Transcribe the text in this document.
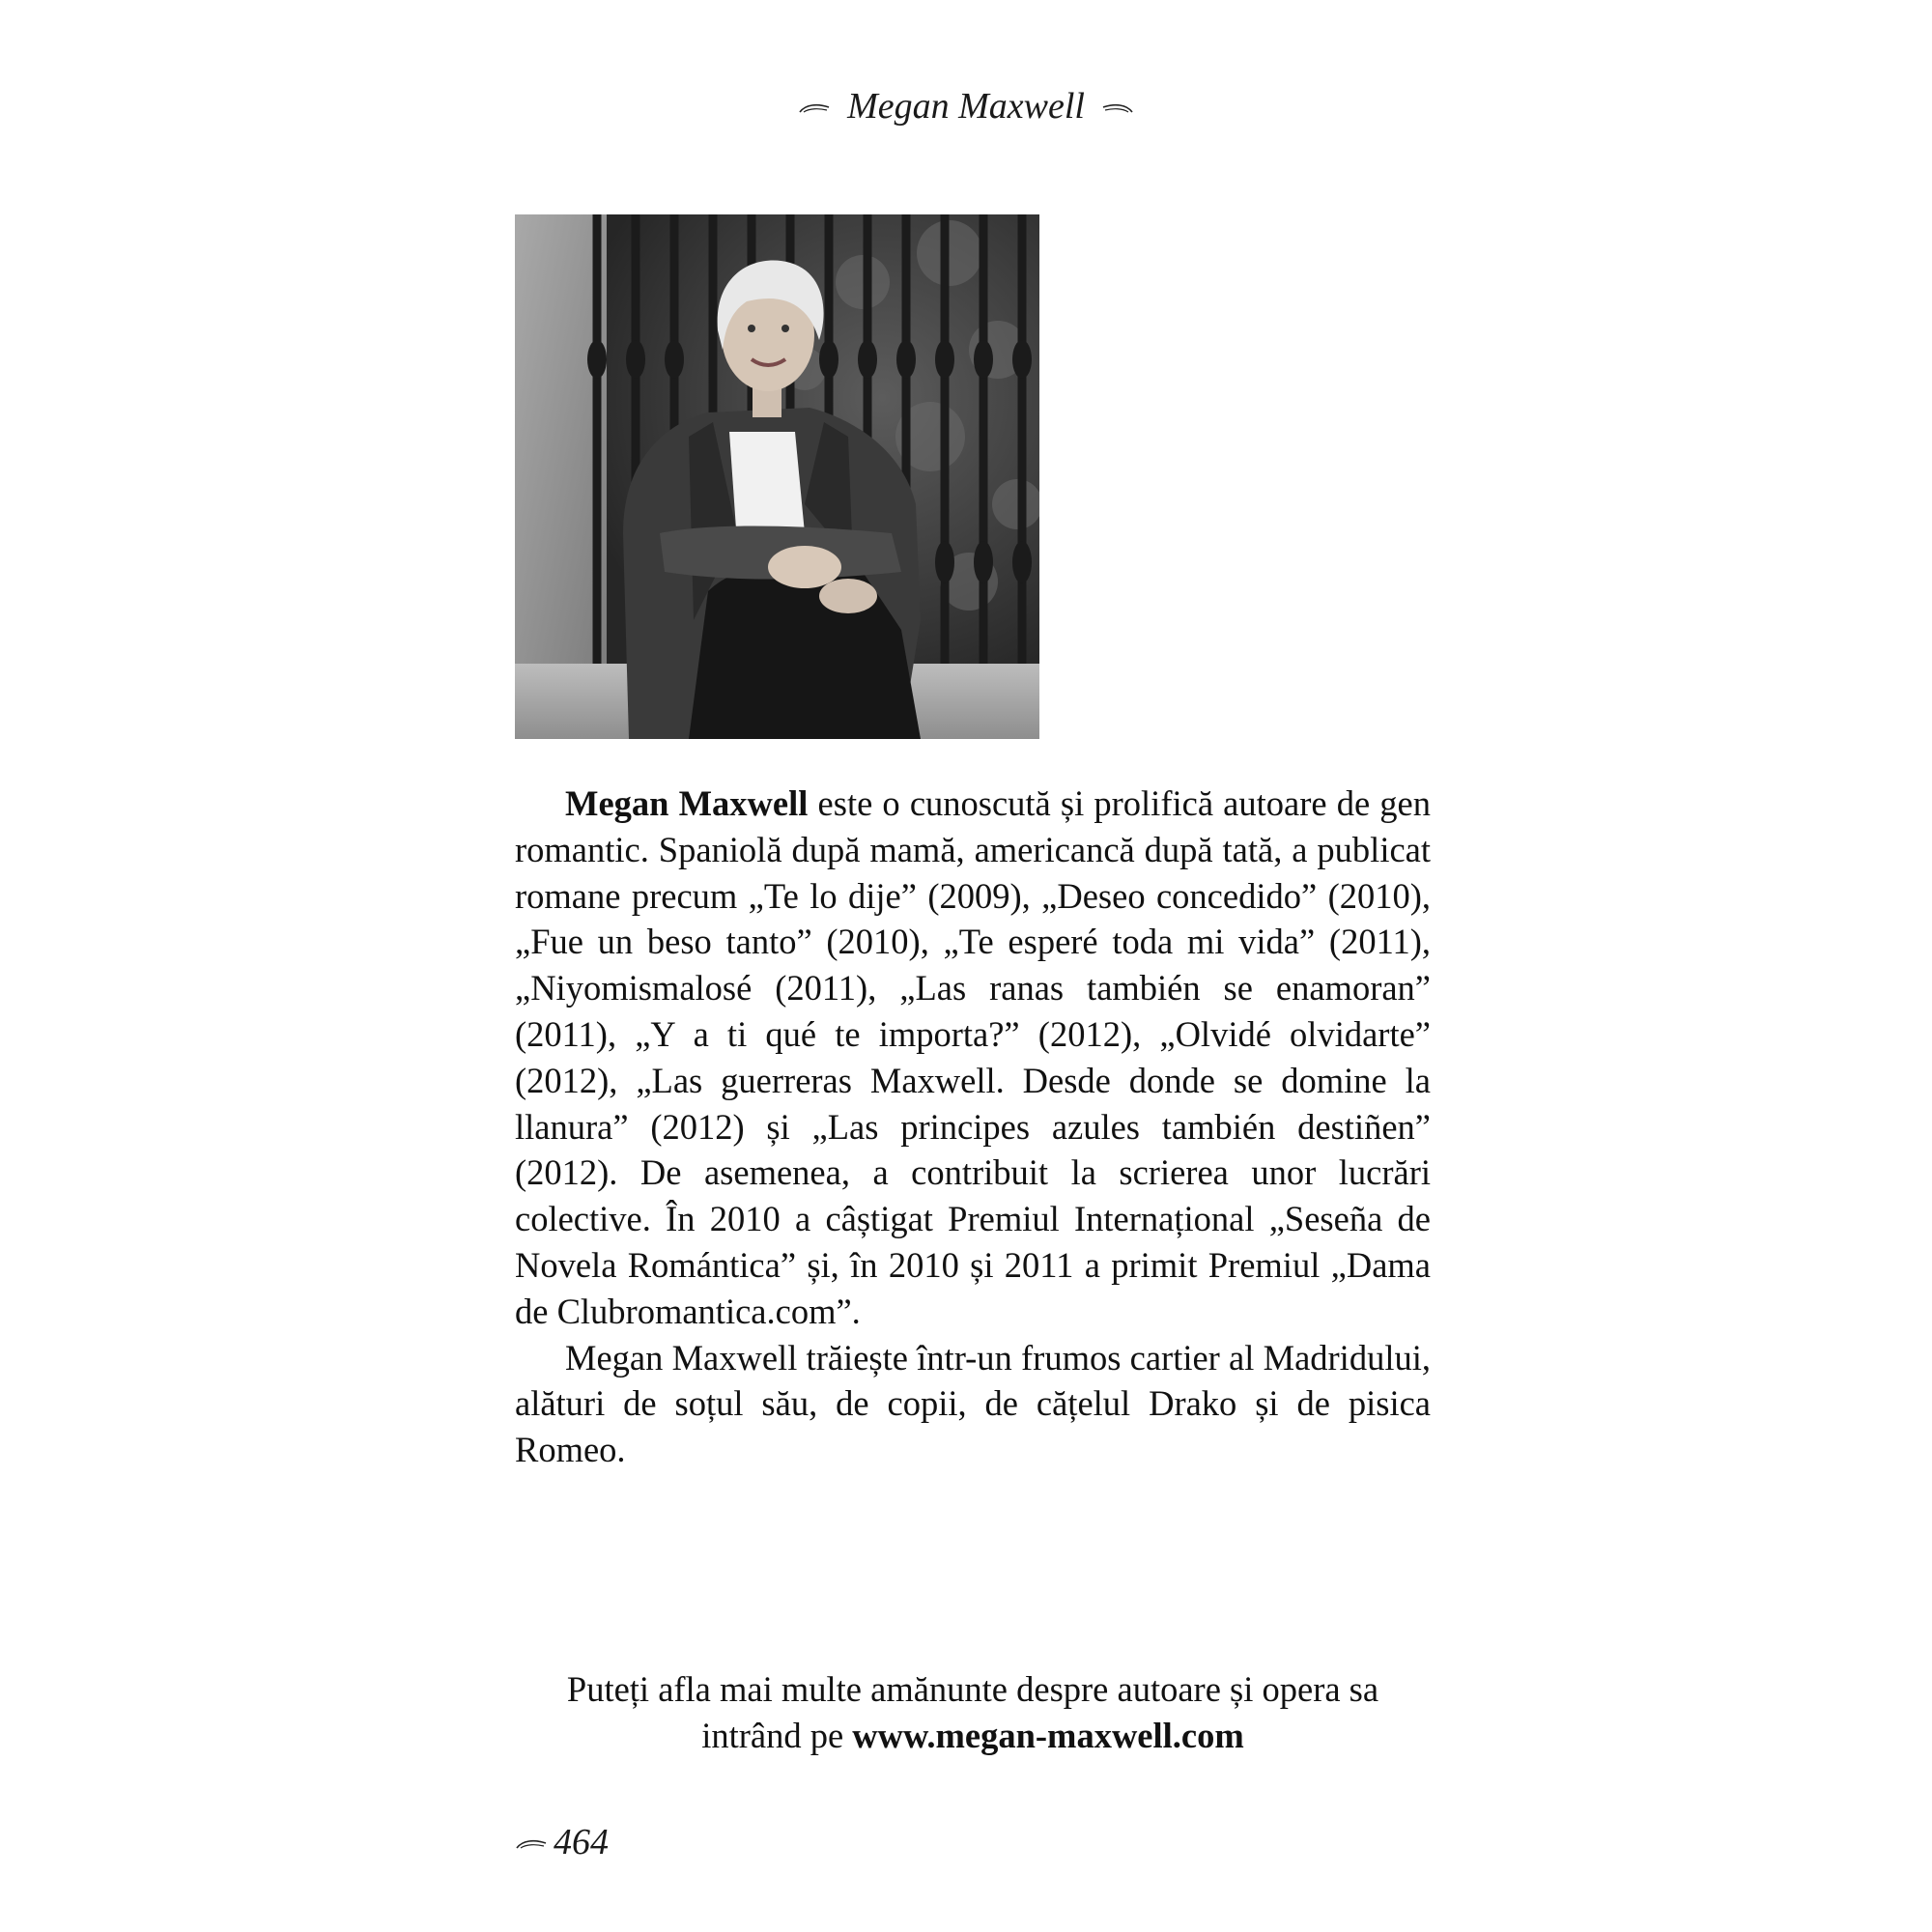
Megan Maxwell

Megan Maxwell este o cunoscută și prolifică autoare de gen romantic. Spaniolă după mamă, americancă după tată, a publicat romane precum „Te lo dije” (2009), „Deseo concedido” (2010), „Fue un beso tanto” (2010), „Te esperé toda mi vida” (2011), „Niyomismalosé (2011), „Las ranas también se enamoran” (2011), „Y a ti qué te importa?” (2012), „Olvidé olvidarte” (2012), „Las guerreras Maxwell. Desde donde se domine la llanura” (2012) și „Las principes azules también destiñen” (2012). De asemenea, a contribuit la scrierea unor lucrări colective. În 2010 a câștigat Premiul Internațional „Seseña de Novela Romántica” și, în 2010 și 2011 a primit Premiul „Dama de Clubromantica.com”.

Megan Maxwell trăiește într-un frumos cartier al Madridului, alături de soțul său, de copii, de cățelul Drako și de pisica Romeo.

Puteți afla mai multe amănunte despre autoare și opera sa
intrând pe www.megan-maxwell.com
464
